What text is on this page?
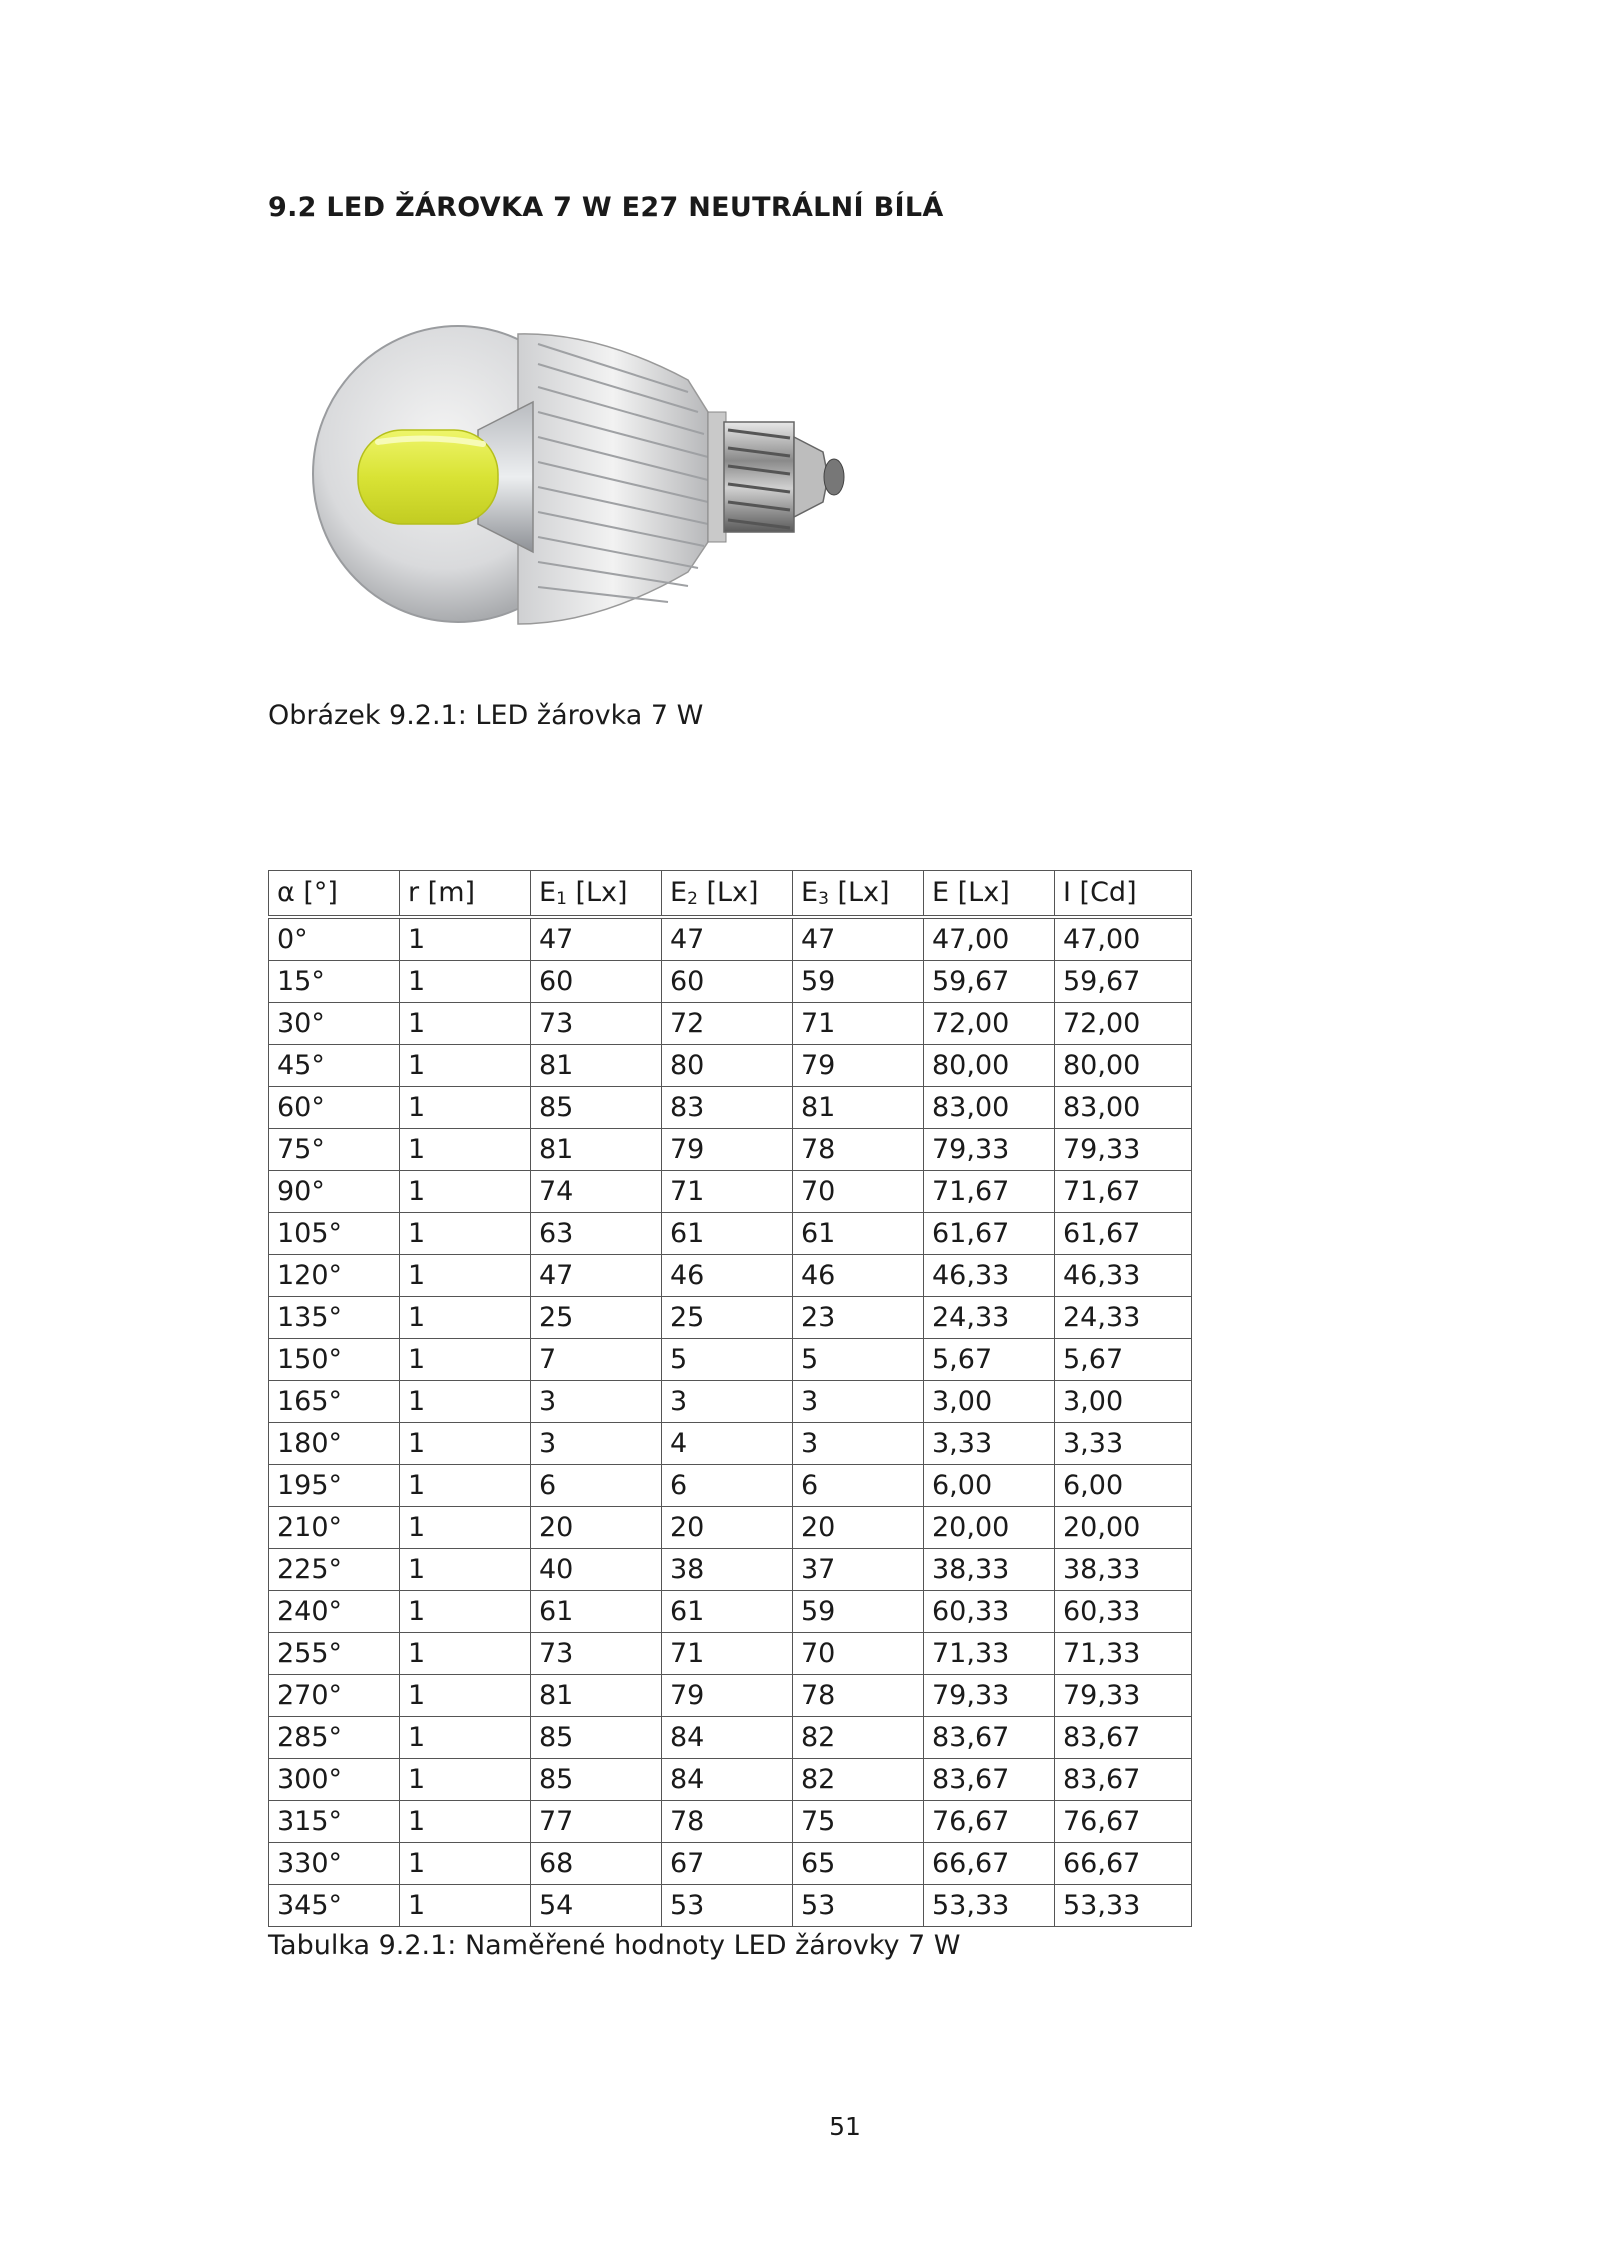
9.2 LED ŽÁROVKA 7 W E27 NEUTRÁLNÍ BÍLÁ
Obrázek 9.2.1: LED žárovka 7 W
α [°]	r [m]	$E_1$ [Lx]	$E_2$ [Lx]	$E_3$ [Lx]	E [Lx]	I [Cd]
0°	1	47	47	47	47,00	47,00
15°	1	60	60	59	59,67	59,67
30°	1	73	72	71	72,00	72,00
45°	1	81	80	79	80,00	80,00
60°	1	85	83	81	83,00	83,00
75°	1	81	79	78	79,33	79,33
90°	1	74	71	70	71,67	71,67
105°	1	63	61	61	61,67	61,67
120°	1	47	46	46	46,33	46,33
135°	1	25	25	23	24,33	24,33
150°	1	7	5	5	5,67	5,67
165°	1	3	3	3	3,00	3,00
180°	1	3	4	3	3,33	3,33
195°	1	6	6	6	6,00	6,00
210°	1	20	20	20	20,00	20,00
225°	1	40	38	37	38,33	38,33
240°	1	61	61	59	60,33	60,33
255°	1	73	71	70	71,33	71,33
270°	1	81	79	78	79,33	79,33
285°	1	85	84	82	83,67	83,67
300°	1	85	84	82	83,67	83,67
315°	1	77	78	75	76,67	76,67
330°	1	68	67	65	66,67	66,67
345°	1	54	53	53	53,33	53,33
Tabulka 9.2.1: Naměřené hodnoty LED žárovky 7 W
51
